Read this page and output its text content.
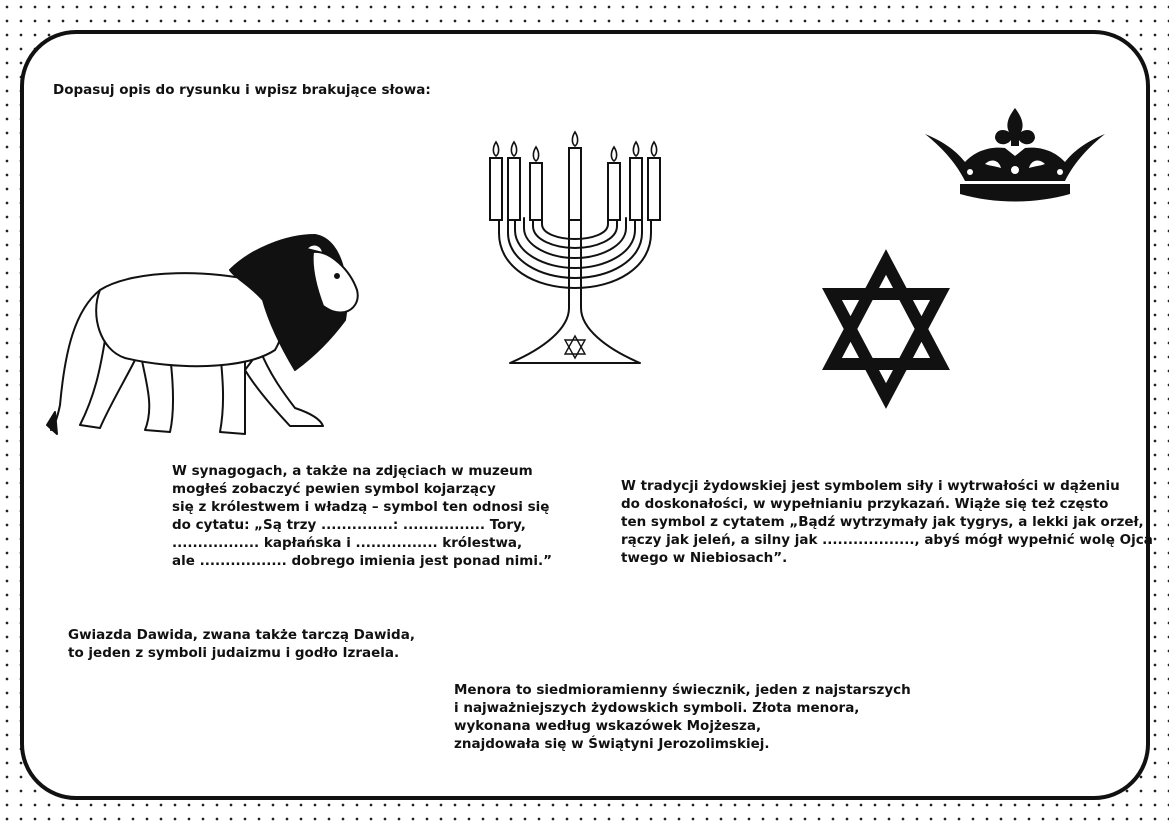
Dopasuj opis do rysunku i wpisz brakujące słowa:

W synagogach, a także na zdjęciach w muzeum
mogłeś zobaczyć pewien symbol kojarzący
się z królestwem i władzą – symbol ten odnosi się
do cytatu: „Są trzy ..............: ................ Tory,
................. kapłańska i ................ królestwa,
ale ................. dobrego imienia jest ponad nimi.”

W tradycji żydowskiej jest symbolem siły i wytrwałości w dążeniu
do doskonałości, w wypełnianiu przykazań. Wiąże się też często
ten symbol z cytatem „Bądź wytrzymały jak tygrys, a lekki jak orzeł,
rączy jak jeleń, a silny jak .................., abyś mógł wypełnić wolę Ojca
twego w Niebiosach”.

Gwiazda Dawida, zwana także tarczą Dawida,
to jeden z symboli judaizmu i godło Izraela.

Menora to siedmioramienny świecznik, jeden z najstarszych
i najważniejszych żydowskich symboli. Złota menora,
wykonana według wskazówek Mojżesza,
znajdowała się w Świątyni Jerozolimskiej.
